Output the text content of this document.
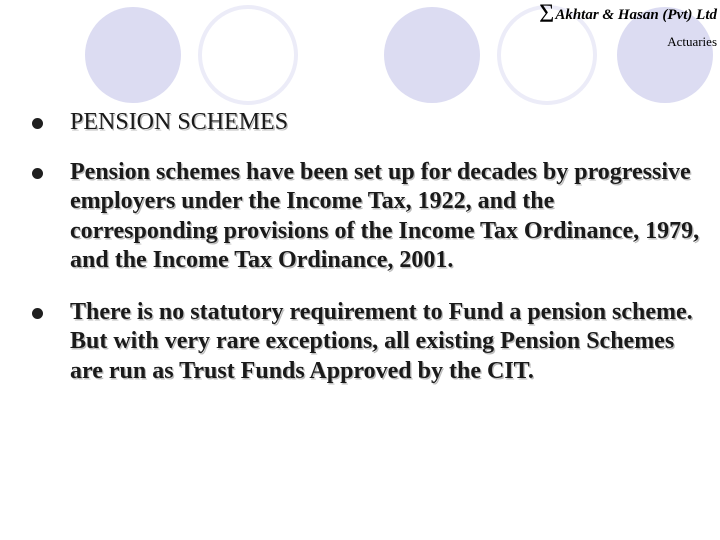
ΣAkhtar & Hasan (Pvt) Ltd
Actuaries
PENSION SCHEMES
Pension schemes have been set up for decades by progressive employers under the Income Tax, 1922, and the corresponding provisions of the Income Tax Ordinance, 1979, and the Income Tax Ordinance, 2001.
There is no statutory requirement to Fund a pension scheme. But with very rare exceptions, all existing Pension Schemes are run as Trust Funds Approved by the CIT.
